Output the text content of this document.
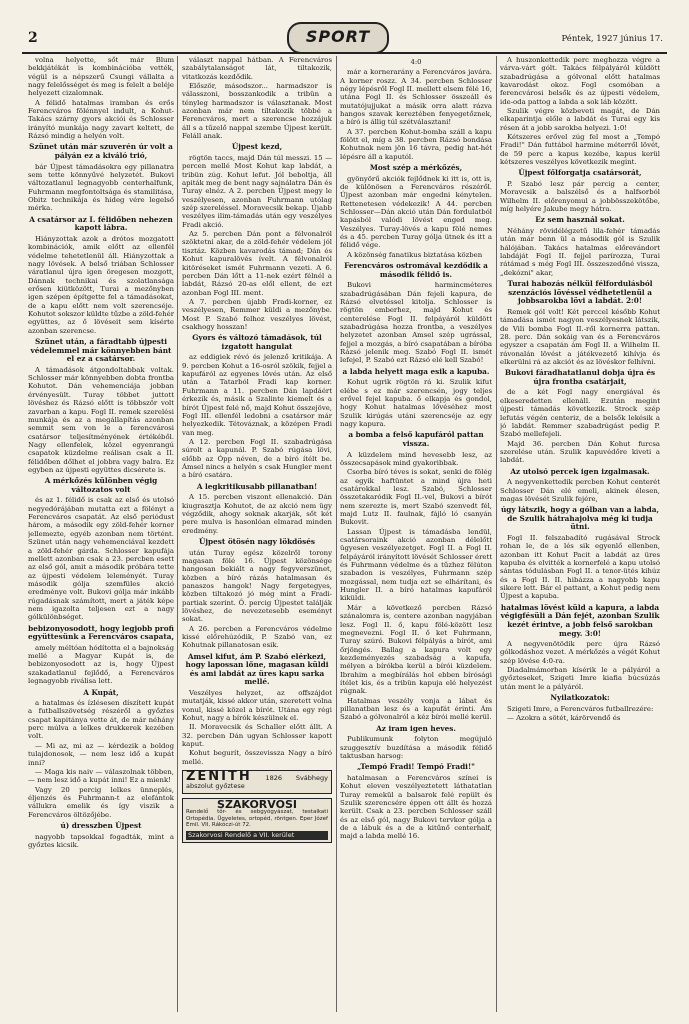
2	SPORT	Péntek, 1927 június 17.

volna helyette, sőt már Blum bekkjátékát is kombinációba vették, végül is a népszerű Csungi vállalta a nagy felelősséget és meg is felelt a beléje helyezett cizalomnak.

A félidő hatalmas iramban és erős Ferencváros fölénnyel indult, a Kohut-Takács szárny gyors akciói és Schlosser irányító munkája nagy zavart keltett, de Rázsó mindig a helyén volt.

Szünet után már szuverén úr volt a pályán ez a kiváló trió,

bár Újpest támadásokra egy pillanatra sem tette könnyűvé helyzetét. Bukovi változatlanul legnagyobb centerhalfunk, Fuhrmann megfontoltsága és stamilitása, Obitz technikája és hideg vére legelső mérka.

A csatársor az I. félidőben nehezen kapott lábra.

Hiányzottak azok a drótos mozgatott kombinációk, amik előtt az ellenfél védelme tehetetlenül áll. Hiányzottak a nagy lövések. A belső triában Schlosser váratlanul újra igen öregesen mozgott, Dánnak technikai és szolatlansága erősen kiütközött, Turai a mezőnyben igen szépen építgette fel a támadásokat, de a kapu előtt nem volt szerencséje. Kohutot sokszor küldte tűzbe a zöld-fehér együttes, az ő lövéseit sem kísérte azonban szerencse.

Szünet után, a fáradtabb újpesti védelemmel már könnyebben bánt el ez a csatársor.

A támadások átgondoltabbak voltak. Schlosser már könnyebben dobta frontba Kohutot. Dán vehemenciája jobban érvényesült. Turay többet juttott lövéshez és Rázsó előtt is többször volt zavarban a kapu. Fogl II. remek szerelési munkája és az a megállapítás azonban semmit sem von le a ferencvárosi csatársor teljesítményének értékéből. Nagy ellenfelek, közel egyenrangú csapatok küzdelme reálisan csak a II. félidőben dőlhet el jobbra vagy balra. Ez egyben az újpesti együttes dicsérete is.

A mérkőzés különben végig változatos volt

és az 1. félidő is csak az első és utolsó negyedórájában mutatta ezt a fölényt a Ferencváros csapatát. Az első periódust három, a második egy zöld-fehér korner jellemezte, egyéb azonban nem történt. Szünet után nagy vehemenciával kezdett a zöld-fehér gárda. Schlosser kapufája mellett azonban csak a 23. percben esett az első gól, amit a második próbára tette az újpesti védelem leleményét. Turay második gólja szemfüles akció eredménye volt. Bukovi gólja már inkább rúgadásnak számított, mert a játék képe nem igazolta teljesen ezt a nagy gólkülönbséget.

bebizonyosodott, hogy legjobb profi együttesünk a Ferencváros csapata,

amely méltóan hódította el a bajnokság mellé a Magyar Kupát is, de bebizonyosodott az is, hogy Újpest szakadatlanul fejlődő, a Ferencváros legnagyobb riválisa lett.

A Kupát,

a hatalmas és ízlésesen díszített kupát a futballszövetség részéről a győztes csapat kapitánya vette át, de már néhány perc múlva a lelkes drukkerek kezében volt.

— Mi az, mi az — kérdezik a boldog tulajdonosok, — nem lesz idő a kupát inni?

— Maga kis naiv — válaszolnak többen, — nem lesz idő a kupát inni! Ez a mienk!

Vagy 20 percig lelkes ünneplés, éljenzés és Fuhrmann-t az elefántok vállukra emelik és így viszik a Ferencváros öltözőjébe.

ú) dresszben Újpest

nagyobb tapsokkal fogadták, mint a győztes kicsik.

választ nappal hátban. A Ferencváros szabálytalanságot lát, tiltakozik, vitatkozás kezdődik.

Először, másodszor... harmadszor is válasszoni, bosszankodik a tribün a tényleg harmadszor is választanak. Most azonban már nem tiltakozik többé a Ferencváros, mert a szerencse hozzájuk áll s a tűzelő nappal szembe Újpest került. Feláll anak.

Újpest kezd,

rögtön taccs, majd Dán túl messzi. 15 — percen mellé Most Kohut kap labdát, a tribün zúg. Kohut lefut. Jól beboltja, áll apiták meg de bent nagy sajnálatra Dán és Turay elnéz. A 2. percben Újpest megy le veszélyesen, azonban Fuhrmann utólag szép szereléssel. Moravecsik bekap. Újabb veszélyes ilim-támadás után egy veszélyes Fradi akció.

Az 5. percben Dán pont a félvonalról szöktetni akar, de a zöld-fehér védelem jól tisztáz. Közben kavarodás támad; Dán és Kohut kapuralövés ívelt. A félvonalról kitöréseket ismét Fuhrmann vezeti. A 6. percben Dán lőtt a 11-nek ezért félnél a labdát, Rázsó 20-as elől ellent, de ezt azonban Fogl III. ment.

A 7. percben újabb Fradi-korner, ez veszélyesen, Remmer küldi a mezőnybe. Most P. Szabó felhoz veszélyes lövést, csakhogy hosszan!

Gyors és változó támadások, túl izgatott hangulat

az eddigiek révó és jelenző kritikája. A 9. percben Kohut a 16-osról szökik, fejjel a kapufáról az egyenes lövés után. Az első után a Tatarból Fradi kap korner. Fuhrmann a 11. percben Dán lapdáért érkezik és, másik a Szalinte kiemelt és a bírót Újpest felé nő, majd Kohut összejöve, Fogl III. ellenfél ledobni a csatársor már helyezkedik. Tétováznak, a középen Fradi van meg.

A 12. percben Fogl II. szabadrúgása súrolt a kapunál. P. Szabó rúgása lövi, előbb az Ópp néven, de a bíró ítélt be. Ámsel nincs a helyén s csak Hungler ment a bíró csatára.

A legkritikusabb pillanatban!

A 15. percben viszont ellenakció. Dán kiugrasztja Kohutot, de az akció nem ügy végződik, ahogy soknak akarják, sőt két pere mulva is hasonlóan elmarad minden eredmény.

Újpest ötösén nagy lökdösés

után Turay egész közelről torony magasan fölé 16. Újpest közönsége hangosan bekiált a nagy fegyverszünet, közben a bíró rázás hatalmasan és panaszos hangok! Nagy fergetegyes, közben tiltakozó jó még mint a Fradi-partiak szerint. Ő. percig Újpestet találják lövéshez, de nevezetesebb eseményt sokat.

A 26. percben a Ferencváros védelme kissé előrehúzódik, P. Szabó van, ez Kohutnak pillanatosan esik.

Amsel kifut, ám P. Szabó elérkezi, hogy lapossan lőne, magasan küldi és ami labdát az üres kapu sarka mellé.

Veszélyes helyzet, az offszájdot mutatják, kissé akkor után, szeretett volna vonul, kissé közel a bírót. Utána egy régi Kohut, nagy a bírók készülnek el.

II. Moravecsik és Schaller előtt állt. A 32. percben Dán ugyan Schlosser kapott kaput.

Kohut begurít, összevissza Nagy a bíró mellé.

ZENITH 1826 Svábhegy abszolut győztese
SZAKORVOSI
Rendelő tőr- és sebgyógyászat, testalkati Ortopédia. Ügyeletes, ortopéd, röntgen. Eper Józef Emil. VII, Rákóczi-út 72.
Szakorvosi Rendelő a VII. kerület
4:0

már a kornerarány a Ferencváros javára. A korner roszz. A 34. percben Schlosser négy lépésről Fogl II. mellett elsem félé 16, utána Fogl II. és Schlosser összeáll és mutatójujjukat a másik orra alatt rázva hangos szavak kereztében fenyegetőznek, a bíró is állig túl szétválasztani!

A 37. percben Kohut-bomba száll a kapu fölött el, míg a 38. percben Rázsó bondása Kohutnak nem jön 16 távra, pedig hat-hét lépésre áll a kaputól.

Most szép a mérkőzés,

gyönyörű akciók fejlődnek ki itt is, ott is, de különösen a Ferencváros részéről. Újpest azonban már engedni kénytelen. Rettenetesen védekezik! A 44. percben Schlosser—Dán akció után Dán fordulatból kapásból valódi lövést enged meg. Veszélyes. Turay-lövés a kapu fölé nemes és a 45. percben Turay gólja ütnek és itt a félidő vége.

A közönség fanatikus biztatása közben

Ferencváros ostromával kezdődik a második félidő is.

Bukovi harmincméteres szabadrúgásában Dán fejeli kapura, de Rázsó elvetéssel kitolja. Schlosser is rögtön emberhez, majd Kohut és centerelése Fogl II. felpáyáról küldött szabadrúgása hozza frontba, a veszélyes helyzetet azonban Amsel szép ugrással, fejjel a mozgás, a bíró csapatában a bíróba Rázsó jelenik meg. Szabó Fogl II. ismét lefejel, P. Szabó ezt Rázsó elé kell Szabó!

a labda helyett maga esik a kapuba.

Kohut ugrik rögtön rá ki. Szulik kifut elébe s ez már szerencsén, jogy teljes erővel fejel kapuba. ő elkapja és gondol, hogy Kohut hatalmas lővéséhez most Szulik kirúgás utáni szerencséje az egy nagy kapura.

a bomba a felső kapufáról pattan vissza.

A küzdelem mind hevesebb lesz, az összecsapások mind gyakoribbak.

Csorba bíró téves is sokat, senki de fölég az egyik haftüntet a mind újra heti csatárokkal lesz. Szabó, Schlosser összetakaródik Fogl II.-vel, Bukovi a bírót nem szerezte is, mert Szabó szenvedt fél, majd Lutz II. faulnak, fájló ló csanyán Bukovit.

Lassan Újpest is támadásba lendül, csatársoraink akció azonban délelőtt ügyesen veszélyezetget. Fogl II. a Fogl II. felpáyáról irányított lövését Schlosser érett és Fuhrmann védelme és a tűzhez félúton szabadon is veszélyes, Fuhrmann szép mozgással, nem tudja ezt se elhárítani, és Hungler II. a bíró hatalmas kapufáról kiküldi.

Már a következő percben Rázsó szánalomra is, centere azonban nagyjában lesz. Fogl II. ő, kapu fölé-között lesz megnevezni. Fogl II. ő ket Fuhrmann, Turay szúró. Bukovi félpályás a bírót, ami őrjöngés. Ballag a kapura volt egy kezdeményezés szabadság a kapufa, mélyen a bírókba kerül a bírói küzdelem. Ibrahim a megbírálás hol ebben bírósági ítélet kis, és a tribün kapuja elé helyezést rúgnak.

Hatalmas veszély vonja a lábat és pillanatban lesz és a kapufát érinti. Ám Szabó a gólvonalról a kéz bírói mellé kerül.

Az iram igen heves.

Publikumunk folyton megújuló szuggesztív buzdítása a második félidő taktusban harsog:

„Tempó Fradi! Tempó Fradi!"

hatalmasan a Ferencváros színei is Kohut eleven veszélyeztetett láthatatlan Turay remekül a balsarok felé repült és Szulik szerencsére éppen ott állt és hozzá került. Csak a 23. percben Schlosser száll és az első gól, nagy Bukovi tervkor gólja a de a lábuk és a de a kitűnő centerhalf, majd a labda mellé 16.

A huszonkettedik perc meghozza végre a várva-várt gólt. Takács félpályáról küldött szabadrúgása a gólvonal előtt hatalmas kavarodást okoz. Fogl csomóban a ferencvárosi belsők és az újpesti védelem, ide-oda pattog a labda a sok láb között.

Szulik végre közbeveti magát, de Dán elkaparintja előle a labdát és Turai egy kis résen át a jobb sarokba helyezi. 1:0!

Kétszeres erővel zúg fel most a „Tempó Fradi!" Dán futtábol harmine méterről lövét, de 59 perc a kapus kezébe, kapus kerül kétszeres veszélyes következik megint.

Újpest főlforgatja csatársorát,

P. Szabó lesz pár percig a center, Moravcsik a balszélső és a halfsorból Wilhelm II. előrenyomul a jobbösszekötőbe, míg helyére Jakube megy hátra.

Ez sem használ sokat.

Néhány rövidélégzetű lila-fehér támadás után már benn ül a második gól is Szulik hálójában. Takács hatalmas előrevándort labdáját Fogl II. fejjel parírozza, Turai rátámad s még Fogl III. összeszedőné vissza, „dekózni" akar,

Turai habozás nélkül félfordulásból szenzációs lövéssel védhetetlenül a jobbsarokba lövi a labdát. 2:0!

Remek gól volt! Két perccel később Kohut támadása ismét nagyon veszélyesnek látszik, de Vili bomba Fogl II.-ről kornerra pattan. 28. perc. Dán sokáig van és a Ferencváros egyszer a csapatán ám Fogl II. a Wilhelm II. rávonalán lövést a játékvezető kihívja és elkerülni rá az akciót és az lövéskor felhívni.

Bukovi fáradhatatlanul dobja újra és újra frontba csatárjait,

de a két Fogl nagy energiával és elkeseredetten ellenáll. Ezután megint újpesti támadás következik. Strock szép lefutás végén centeriz, de a belsők lekésik a jó labdát. Remmer szabadrúgást pedig P. Szabó mellefejeli.

Majd 36. percben Dán Kohut furcsa szerelése után. Szulik kapuvédőre kiveti a labdát.

Az utolsó percek igen izgalmasak.

A negyvenkettedik percben Kohut centerét Schlosser Dán elé emeli, akinek élesen, magas lövését Szulik fejére,

úgy látszik, hogy a gólban van a labda, de Szulik hátrahajolva még ki tudja ütni.

Fogl II. felszabadító rugásával Strock rohan le, de a lés sik egyenlő ellenben, azonban itt Kohut Pacit a labdát az üres kapuba és elvitték a kornerfelé a kapu utolsó sántas tódulásban Fogl II. a tenor-ütés kihúz és a Fogl II. II. hibázza a nagyobb kapu sikere lett. Bár el pattant, a Kohut pedig nem Újpest a kapuba.

hatalmas lövést küld a kapura, a labda végigfésüli a Dán fejét, azonban Szulik kezét érintve, a jobb felső sarokban megy. 3:0!

A negyvenötödik perc újra Rázsó gólkodáshoz vezet. A mérkőzés a végét Kohut szép lövése 4:0-ra.

Diadalmámorban kísérik le a pályáról a győzteseket, Szigeti Imre kiafia búcsúzás után ment le a pályáról.

Nyilatkozatok:

Szigeti Imre, a Ferencváros futballrezére:

— Azokra a sötét, kárörvendő és
